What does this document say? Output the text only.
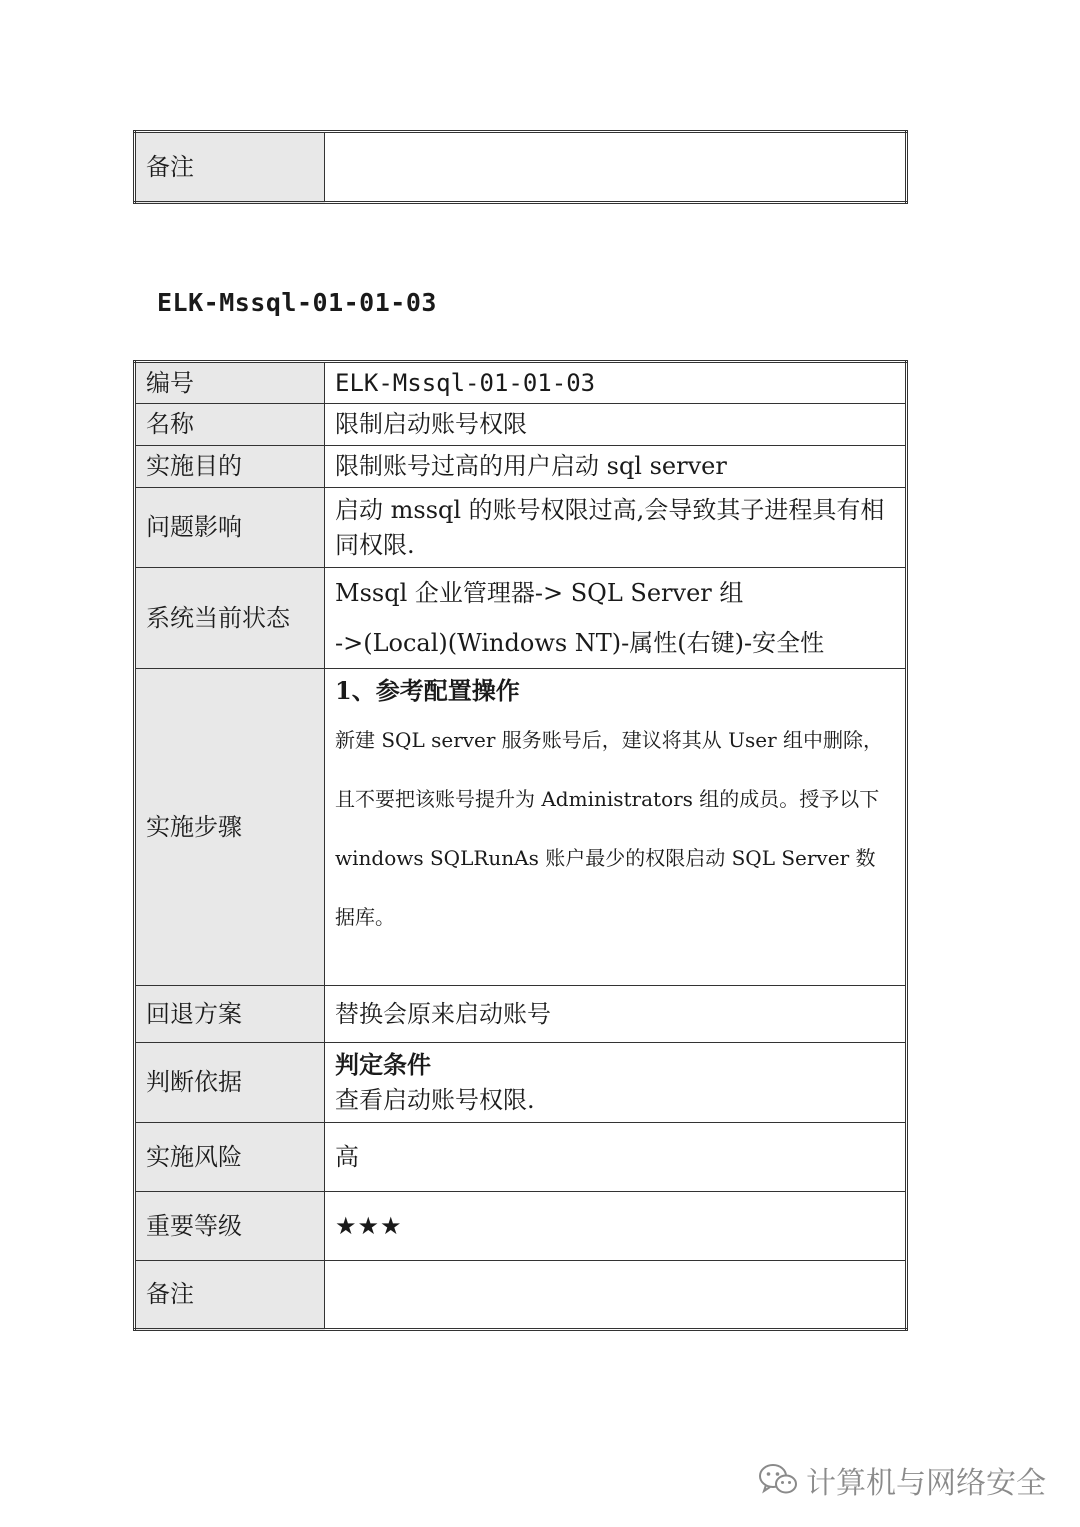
备注	
ELK-Mssql-01-01-03
编号	ELK-Mssql-01-01-03
名称	限制启动账号权限
实施目的	限制账号过高的用户启动 sql server
问题影响	启动 mssql 的账号权限过高,会导致其子进程具有相同权限.
系统当前状态	Mssql 企业管理器-> SQL Server 组
->(Local)(Windows NT)-属性(右键)-安全性

实施步骤	1、参考配置操作
新建 SQL server 服务账号后，建议将其从 User 组中删除，且不要把该账号提升为 Administrators 组的成员。授予以下 windows SQLRunAs 账户最少的权限启动 SQL Server 数据库。

回退方案	替换会原来启动账号
判断依据	判定条件
查看启动账号权限.

实施风险	高
重要等级	★★★
备注	
计算机与网络安全
